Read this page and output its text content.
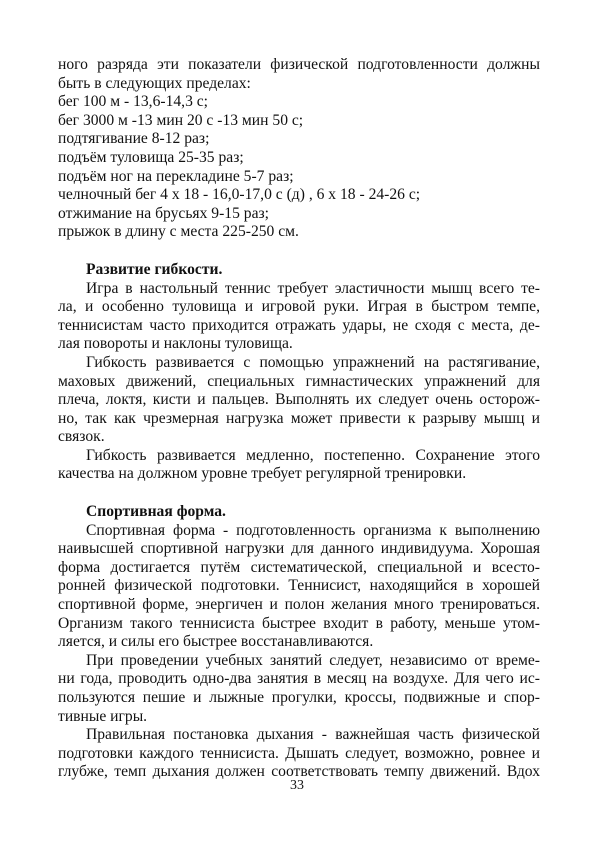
ного разряда эти показатели физической подготовленности должны

быть в следующих пределах:

бег 100 м - 13,6-14,3 с;

бег 3000 м -13 мин 20 с -13 мин 50 с;

подтягивание 8-12 раз;

подъём туловища 25-35 раз;

подъём ног на перекладине 5-7 раз;

челночный бег 4 х 18 - 16,0-17,0 с (д) , 6 х 18 - 24-26 с;

отжимание на брусьях 9-15 раз;

прыжок в длину с места 225-250 см.

Развитие гибкости.

Игра в настольный теннис требует эластичности мышц всего те-

ла, и особенно туловища и игровой руки. Играя в быстром темпе,

теннисистам часто приходится отражать удары, не сходя с места, де-

лая повороты и наклоны туловища.

Гибкость развивается с помощью упражнений на растягивание,

маховых движений, специальных гимнастических упражнений для

плеча, локтя, кисти и пальцев. Выполнять их следует очень осторож-

но, так как чрезмерная нагрузка может привести к разрыву мышц и

связок.

Гибкость развивается медленно, постепенно. Сохранение этого

качества на должном уровне требует регулярной тренировки.

Спортивная форма.

Спортивная форма - подготовленность организма к выполнению

наивысшей спортивной нагрузки для данного индивидуума. Хорошая

форма достигается путём систематической, специальной и всесто-

ронней физической подготовки. Теннисист, находящийся в хорошей

спортивной форме, энергичен и полон желания много тренироваться.

Организм такого теннисиста быстрее входит в работу, меньше утом-

ляется, и силы его быстрее восстанавливаются.

При проведении учебных занятий следует, независимо от време-

ни года, проводить одно-два занятия в месяц на воздухе. Для чего ис-

пользуются пешие и лыжные прогулки, кроссы, подвижные и спор-

тивные игры.

Правильная постановка дыхания - важнейшая часть физической

подготовки каждого теннисиста. Дышать следует, возможно, ровнее и

глубже, темп дыхания должен соответствовать темпу движений. Вдох

33
